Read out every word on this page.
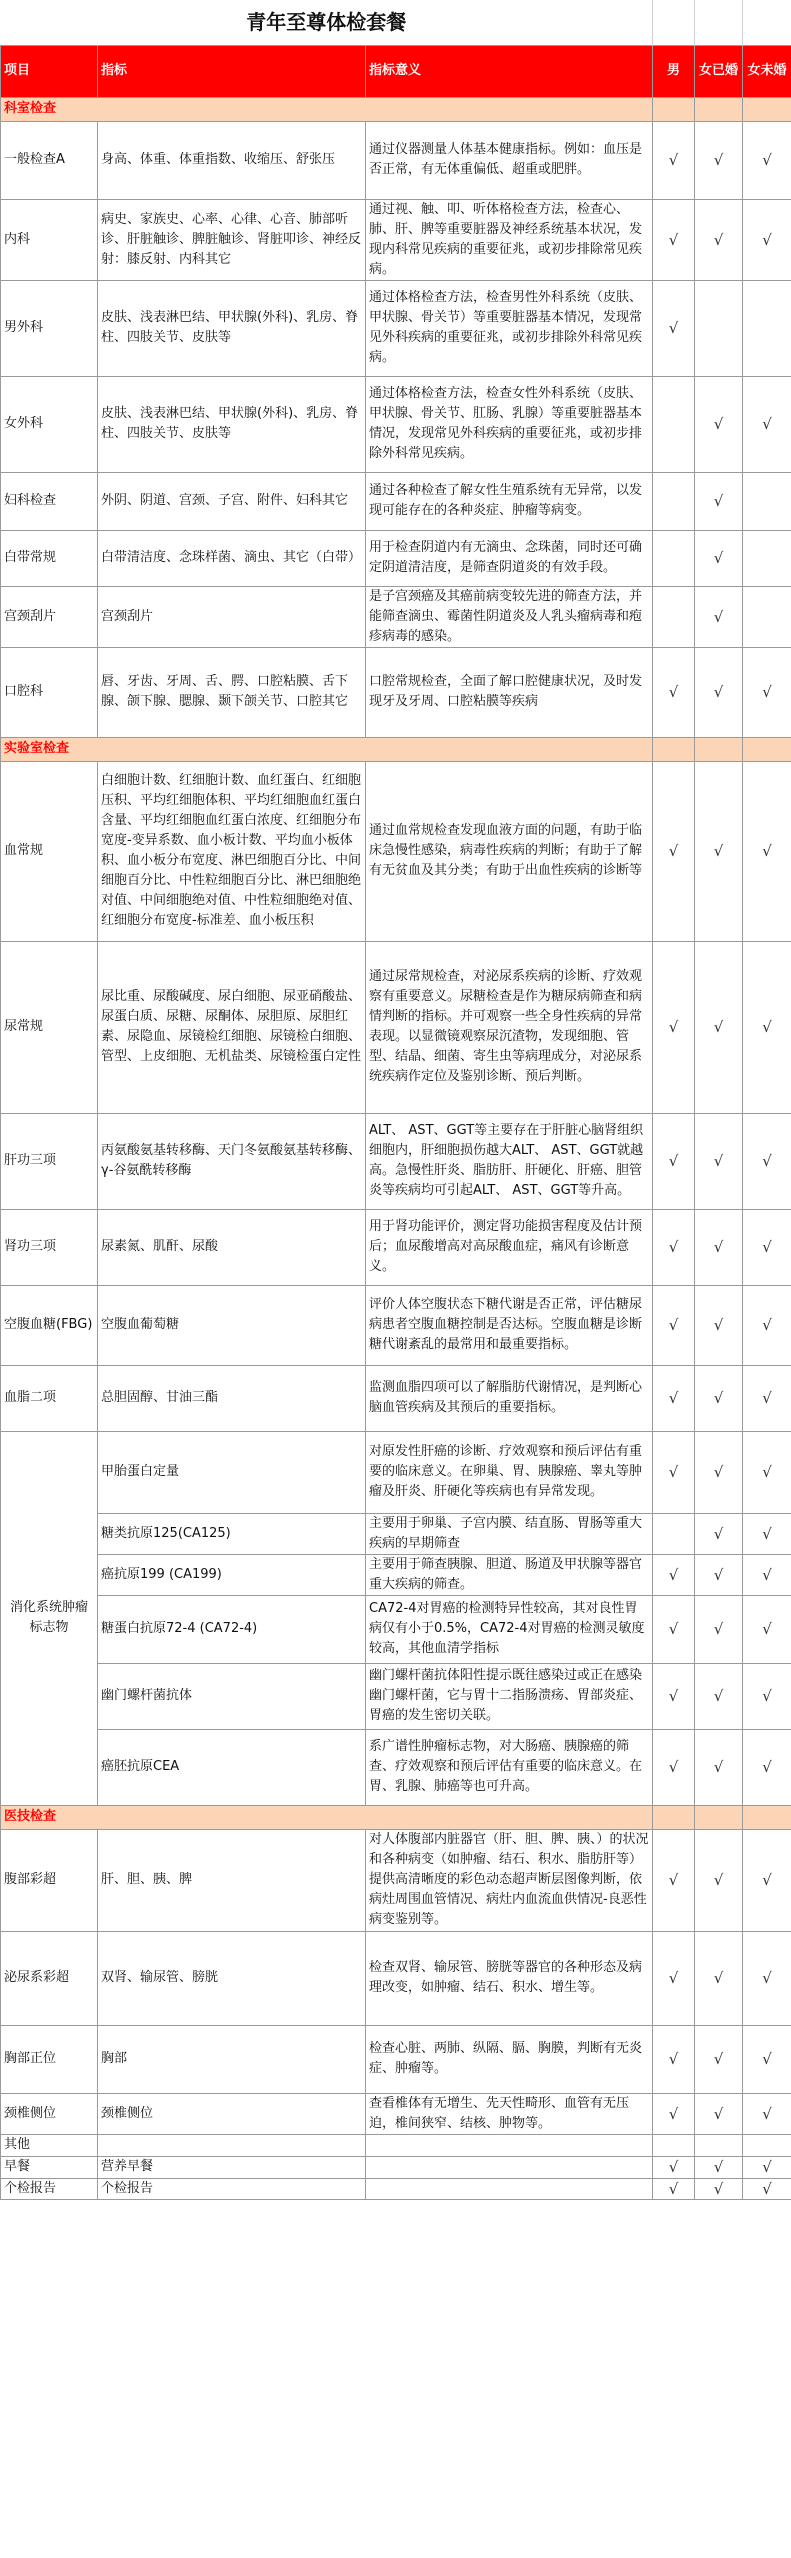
青年至尊体检套餐					
项目	指标	指标意义	男	女已婚	女未婚
科室检查					
一般检查A	身高、体重、体重指数、收缩压、舒张压	通过仪器测量人体基本健康指标。例如：血压是否正常，有无体重偏低、超重或肥胖。	√	√	√
内科	病史、家族史、心率、心律、心音、肺部听诊、肝脏触诊、脾脏触诊、肾脏叩诊、神经反射：膝反射、内科其它	通过视、触、叩、听体格检查方法，检查心、肺、肝、脾等重要脏器及神经系统基本状况，发现内科常见疾病的重要征兆，或初步排除常见疾病。	√	√	√
男外科	皮肤、浅表淋巴结、甲状腺(外科)、乳房、脊柱、四肢关节、皮肤等	通过体格检查方法，检查男性外科系统（皮肤、甲状腺、骨关节）等重要脏器基本情况，发现常见外科疾病的重要征兆，或初步排除外科常见疾病。	√		
女外科	皮肤、浅表淋巴结、甲状腺(外科)、乳房、脊柱、四肢关节、皮肤等	通过体格检查方法，检查女性外科系统（皮肤、甲状腺、骨关节、肛肠、乳腺）等重要脏器基本情况，发现常见外科疾病的重要征兆，或初步排除外科常见疾病。		√	√
妇科检查	外阴、阴道、宫颈、子宫、附件、妇科其它	通过各种检查了解女性生殖系统有无异常，以发现可能存在的各种炎症、肿瘤等病变。		√	
白带常规	白带清洁度、念珠样菌、滴虫、其它（白带）	用于检查阴道内有无滴虫、念珠菌，同时还可确定阴道清洁度，是筛查阴道炎的有效手段。		√	
宫颈刮片	宫颈刮片	是子宫颈癌及其癌前病变较先进的筛查方法，并能筛查滴虫、霉菌性阴道炎及人乳头瘤病毒和疱疹病毒的感染。		√	
口腔科	唇、牙齿、牙周、舌、腭、口腔粘膜、舌下腺、颌下腺、腮腺、颞下颌关节、口腔其它	口腔常规检查，全面了解口腔健康状况，及时发现牙及牙周、口腔粘膜等疾病	√	√	√
实验室检查					
血常规	白细胞计数、红细胞计数、血红蛋白、红细胞压积、平均红细胞体积、平均红细胞血红蛋白含量、平均红细胞血红蛋白浓度、红细胞分布宽度-变异系数、血小板计数、平均血小板体积、血小板分布宽度、淋巴细胞百分比、中间细胞百分比、中性粒细胞百分比、淋巴细胞绝对值、中间细胞绝对值、中性粒细胞绝对值、红细胞分布宽度-标准差、血小板压积	通过血常规检查发现血液方面的问题，有助于临床急慢性感染，病毒性疾病的判断；有助于了解有无贫血及其分类；有助于出血性疾病的诊断等	√	√	√
尿常规	尿比重、尿酸碱度、尿白细胞、尿亚硝酸盐、尿蛋白质、尿糖、尿酮体、尿胆原、尿胆红素、尿隐血、尿镜检红细胞、尿镜检白细胞、管型、上皮细胞、无机盐类、尿镜检蛋白定性	通过尿常规检查，对泌尿系疾病的诊断、疗效观察有重要意义。尿糖检查是作为糖尿病筛查和病情判断的指标。并可观察一些全身性疾病的异常表现。以显微镜观察尿沉渣物，发现细胞、管型、结晶、细菌、寄生虫等病理成分，对泌尿系统疾病作定位及鉴别诊断、预后判断。	√	√	√
肝功三项	丙氨酸氨基转移酶、天门冬氨酸氨基转移酶、γ-谷氨酰转移酶	ALT、 AST、GGT等主要存在于肝脏心脑肾组织细胞内，肝细胞损伤越大ALT、 AST、GGT就越高。急慢性肝炎、脂肪肝、肝硬化、肝癌、胆管炎等疾病均可引起ALT、 AST、GGT等升高。	√	√	√
肾功三项	尿素氮、肌酐、尿酸	用于肾功能评价，测定肾功能损害程度及估计预后；血尿酸增高对高尿酸血症，痛风有诊断意义。	√	√	√
空腹血糖(FBG)	空腹血葡萄糖	评价人体空腹状态下糖代谢是否正常，评估糖尿病患者空腹血糖控制是否达标。空腹血糖是诊断糖代谢紊乱的最常用和最重要指标。	√	√	√
血脂二项	总胆固醇、甘油三酯	监测血脂四项可以了解脂肪代谢情况，是判断心脑血管疾病及其预后的重要指标。	√	√	√
消化系统肿瘤标志物	甲胎蛋白定量	对原发性肝癌的诊断、疗效观察和预后评估有重要的临床意义。在卵巢、胃、胰腺癌、睾丸等肿瘤及肝炎、肝硬化等疾病也有异常发现。	√	√	√
	糖类抗原125(CA125)	主要用于卵巢、子宫内膜、结直肠、胃肠等重大疾病的早期筛查		√	√
	癌抗原199 (CA199)	主要用于筛查胰腺、胆道、肠道及甲状腺等器官重大疾病的筛查。	√	√	√
	糖蛋白抗原72-4 (CA72-4)	CA72-4对胃癌的检测特异性较高，其对良性胃病仅有小于0.5%，CA72-4对胃癌的检测灵敏度较高，其他血清学指标	√	√	√
	幽门螺杆菌抗体	幽门螺杆菌抗体阳性提示既往感染过或正在感染幽门螺杆菌，它与胃十二指肠溃疡、胃部炎症、胃癌的发生密切关联。	√	√	√
	癌胚抗原CEA	系广谱性肿瘤标志物，对大肠癌、胰腺癌的筛查、疗效观察和预后评估有重要的临床意义。在胃、乳腺、肺癌等也可升高。	√	√	√
医技检查					
腹部彩超	肝、胆、胰、脾	对人体腹部内脏器官（肝、胆、脾、胰、）的状况和各种病变（如肿瘤、结石、积水、脂肪肝等）提供高清晰度的彩色动态超声断层图像判断，依病灶周围血管情况、病灶内血流血供情况-良恶性病变鉴别等。	√	√	√
泌尿系彩超	双肾、输尿管、膀胱	检查双肾、输尿管、膀胱等器官的各种形态及病理改变，如肿瘤、结石、积水、增生等。	√	√	√
胸部正位	胸部	检查心脏、两肺、纵隔、膈、胸膜，判断有无炎症、肿瘤等。	√	√	√
颈椎侧位	颈椎侧位	查看椎体有无增生、先天性畸形、血管有无压迫，椎间狭窄、结核、肿物等。	√	√	√
其他					
早餐	营养早餐		√	√	√
个检报告	个检报告		√	√	√
